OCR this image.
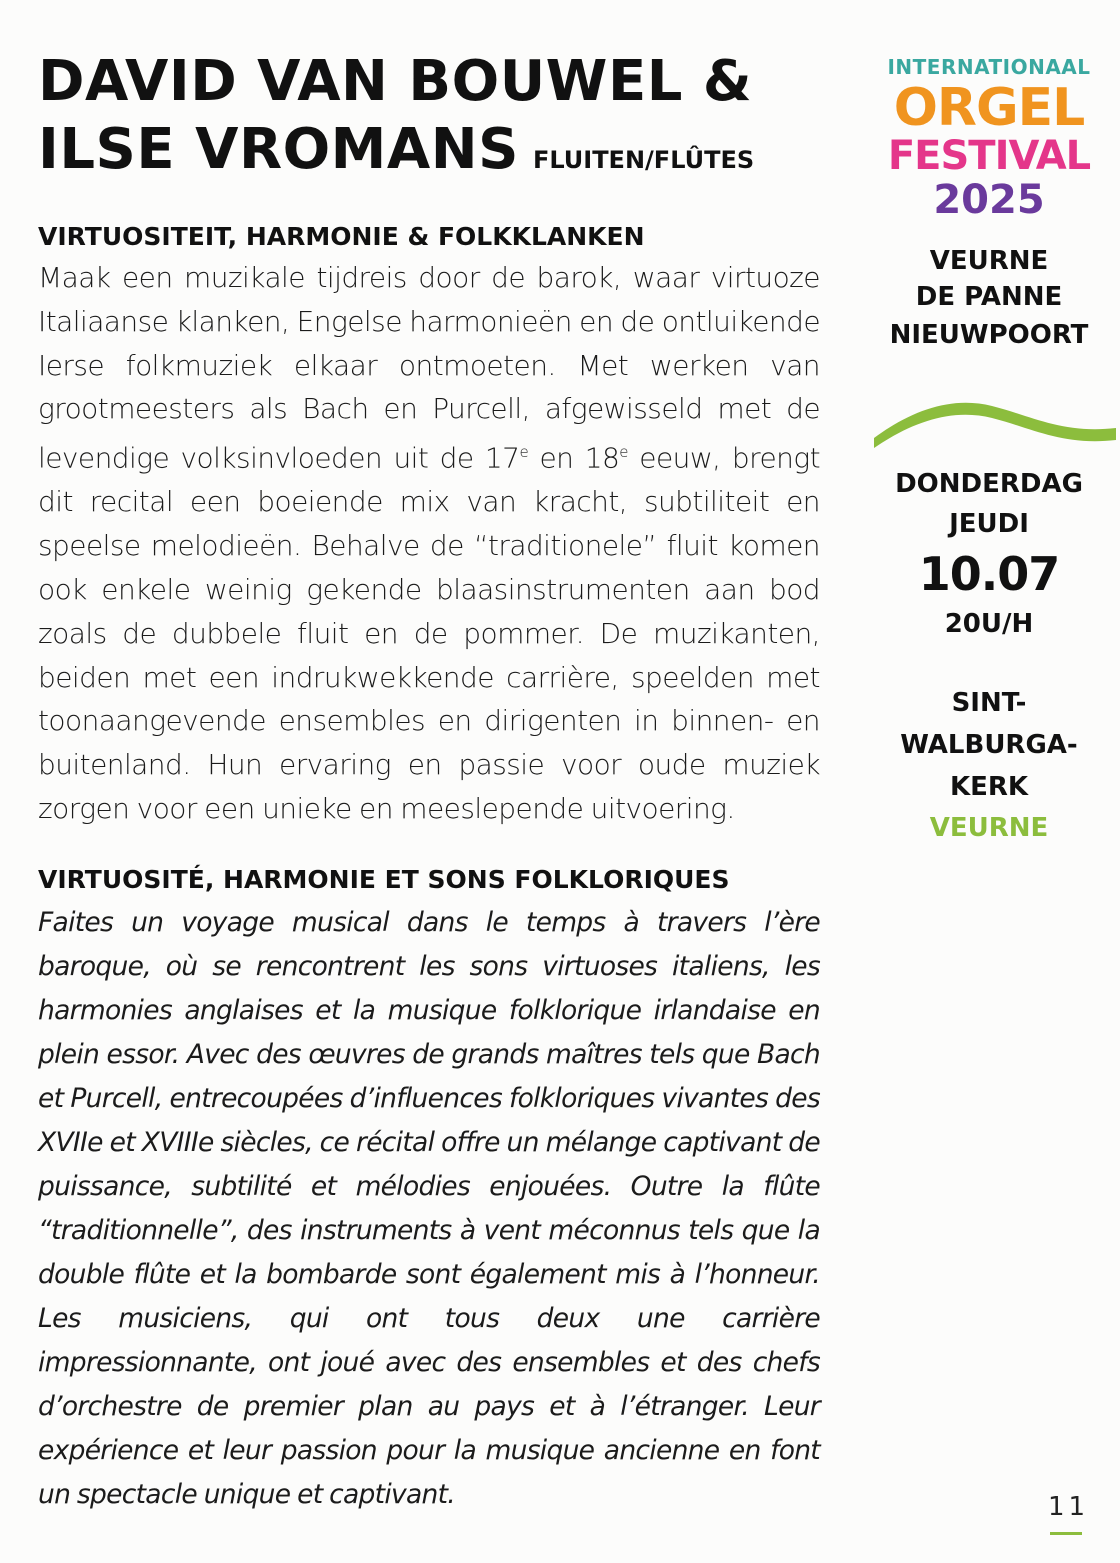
DAVID VAN BOUWEL &
ILSE VROMANS FLUITEN/FLÛTES
VIRTUOSITEIT, HARMONIE & FOLKKLANKEN

Maak een muzikale tijdreis door de barok, waar virtuoze Italiaanse klanken, Engelse harmonieën en de ontluikende Ierse folkmuziek elkaar ontmoeten. Met werken van grootmeesters als Bach en Purcell, afgewisseld met de levendige volksinvloeden uit de 17e en 18e eeuw, brengt dit recital een boeiende mix van kracht, subtiliteit en speelse melodieën. Behalve de “traditionele” fluit komen ook enkele weinig gekende blaasinstrumenten aan bod zoals de dubbele fluit en de pommer. De muzikanten, beiden met een indrukwekkende carrière, speelden met toonaangevende ensembles en dirigenten in binnen- en buitenland. Hun ervaring en passie voor oude muziek zorgen voor een unieke en meeslepende uitvoering.

VIRTUOSITÉ, HARMONIE ET SONS FOLKLORIQUES

Faites un voyage musical dans le temps à travers l’ère baroque, où se rencontrent les sons virtuoses italiens, les harmonies anglaises et la musique folklorique irlandaise en plein essor. Avec des œuvres de grands maîtres tels que Bach et Purcell, entrecoupées d’influences folkloriques vivantes des XVIIe et XVIIIe siècles, ce récital offre un mélange captivant de puissance, subtilité et mélodies enjouées. Outre la flûte “traditionnelle”, des instruments à vent méconnus tels que la double flûte et la bombarde sont également mis à l’honneur. Les musiciens, qui ont tous deux une carrière impressionnante, ont joué avec des ensembles et des chefs d’orchestre de premier plan au pays et à l’étranger. Leur expérience et leur passion pour la musique ancienne en font un spectacle unique et captivant.

INTERNATIONAAL
ORGEL
FESTIVAL
2025
VEURNE
DE PANNE
NIEUWPOORT
DONDERDAG
JEUDI
10.07
20U/H
SINT-
WALBURGA-
KERK
VEURNE
11
